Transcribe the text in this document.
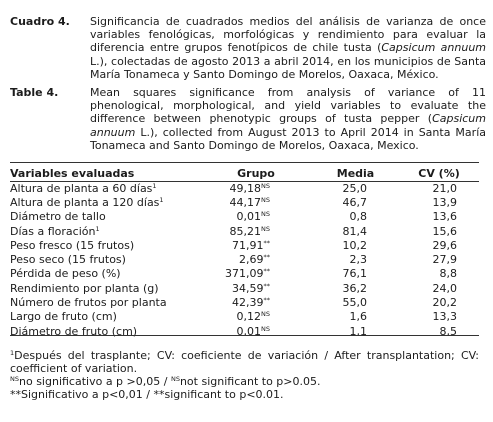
Cuadro 4. Significancia de cuadrados medios del análisis de varianza de once variables fenológicas, morfológicas y rendimiento para evaluar la diferencia entre grupos fenotípicos de chile tusta (Capsicum annuum L.), colectadas de agosto 2013 a abril 2014, en los municipios de Santa María Tonameca y Santo Domingo de Morelos, Oaxaca, México.
Table 4.	Mean squares significance from analysis of variance of 11 phenological, morphological, and yield variables to evaluate the difference between phenotypic groups of tusta pepper (Capsicum annuum L.), collected from August 2013 to April 2014 in Santa María Tonameca and Santo Domingo de Morelos, Oaxaca, Mexico.
Variables evaluadas	Grupo	Media	CV (%)
Altura de planta a 60 días$^1$	$49,18^{NS}$	25,0	21,0
Altura de planta a 120 días$^1$	$44,17^{NS}$	46,7	13,9
Diámetro de tallo	$0,01^{NS}$	0,8	13,6
Días a floración$^1$	$85,21^{NS}$	81,4	15,6
Peso fresco (15 frutos)	71,91**	10,2	29,6
Peso seco (15 frutos)	2,69**	2,3	27,9
Pérdida de peso (%)	371,09**	76,1	8,8
Rendimiento por planta (g)	34,59**	36,2	24,0
Número de frutos por planta	42,39**	55,0	20,2
Largo de fruto (cm)	$0,12^{NS}$	1,6	13,3
Diámetro de fruto (cm)	$0,01^{NS}$	1,1	8,5
$^1$Después del trasplante; CV: coeficiente de variación / After transplantation; CV: coefficient of variation.
$^{NS}$no significativo a p >0,05 / $^{NS}$not significant to p>0.05.
**Significativo a p<0,01 / **significant to p<0.01.
